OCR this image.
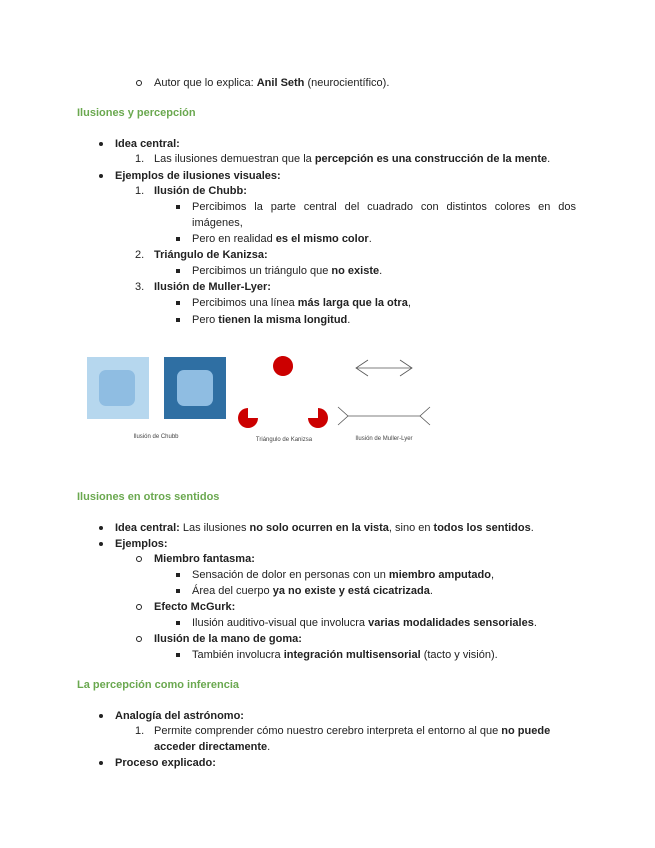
Autor que lo explica: Anil Seth (neurocientífico).
Ilusiones y percepción
Idea central:
1. Las ilusiones demuestran que la percepción es una construcción de la mente.
Ejemplos de ilusiones visuales:
1. Ilusión de Chubb:
Percibimos la parte central del cuadrado con distintos colores en dos
imágenes,
Pero en realidad es el mismo color.
2. Triángulo de Kanizsa:
Percibimos un triángulo que no existe.
3. Ilusión de Muller-Lyer:
Percibimos una línea más larga que la otra,
Pero tienen la misma longitud.
Ilusión de Chubb	Triángulo de Kanizsa	Ilusión de Muller-Lyer
Ilusiones en otros sentidos
Idea central: Las ilusiones no solo ocurren en la vista, sino en todos los sentidos.
Ejemplos:
Miembro fantasma:
Sensación de dolor en personas con un miembro amputado,
Área del cuerpo ya no existe y está cicatrizada.
Efecto McGurk:
Ilusión auditivo-visual que involucra varias modalidades sensoriales.
Ilusión de la mano de goma:
También involucra integración multisensorial (tacto y visión).
La percepción como inferencia
Analogía del astrónomo:
1. Permite comprender cómo nuestro cerebro interpreta el entorno al que no puede
acceder directamente.
Proceso explicado:
